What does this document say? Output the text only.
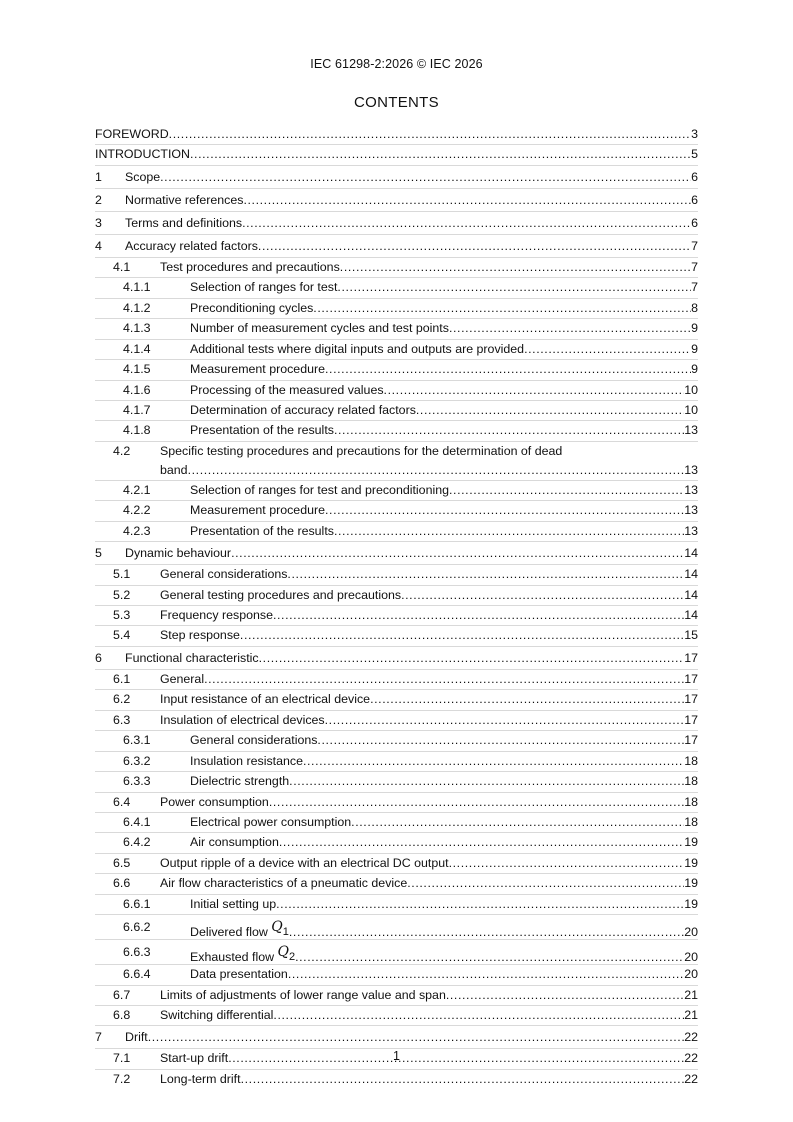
IEC 61298-2:2026 © IEC 2026
CONTENTS
FOREWORD .....	3
INTRODUCTION .....	5
1 Scope .....	6
2 Normative references .....	6
3 Terms and definitions .....	6
4 Accuracy related factors .....	7
4.1 Test procedures and precautions .....	7
4.1.1	Selection of ranges for test .....	7
4.1.2	Preconditioning cycles .....	8
4.1.3	Number of measurement cycles and test points .....	9
4.1.4	Additional tests where digital inputs and outputs are provided .....	9
4.1.5	Measurement procedure .....	9
4.1.6	Processing of the measured values .....	10
4.1.7	Determination of accuracy related factors .....	10
4.1.8	Presentation of the results .....	13
4.2 Specific testing procedures and precautions for the determination of dead
band .....	13
4.2.1	Selection of ranges for test and preconditioning .....	13
4.2.2	Measurement procedure .....	13
4.2.3	Presentation of the results .....	13
5 Dynamic behaviour .....	14
5.1 General considerations .....	14
5.2 General testing procedures and precautions .....	14
5.3 Frequency response .....	14
5.4 Step response .....	15
6 Functional characteristic .....	17
6.1 General .....	17
6.2 Input resistance of an electrical device .....	17
6.3 Insulation of electrical devices .....	17
6.3.1	General considerations .....	17
6.3.2	Insulation resistance .....	18
6.3.3	Dielectric strength .....	18
6.4 Power consumption .....	18
6.4.1	Electrical power consumption .....	18
6.4.2	Air consumption .....	19
6.5 Output ripple of a device with an electrical DC output .....	19
6.6 Air flow characteristics of a pneumatic device .....	19
6.6.1	Initial setting up .....	19
6.6.2	Delivered flow
$Q_1$ .....	20
6.6.3	Exhausted flow
$Q_2$ .....	20
6.6.4	Data presentation .....	20
6.7 Limits of adjustments of lower range value and span .....	21
6.8 Switching differential .....	21
7 Drift .....	22
7.1 Start-up drift .....	22
7.2 Long-term drift .....	22
1
